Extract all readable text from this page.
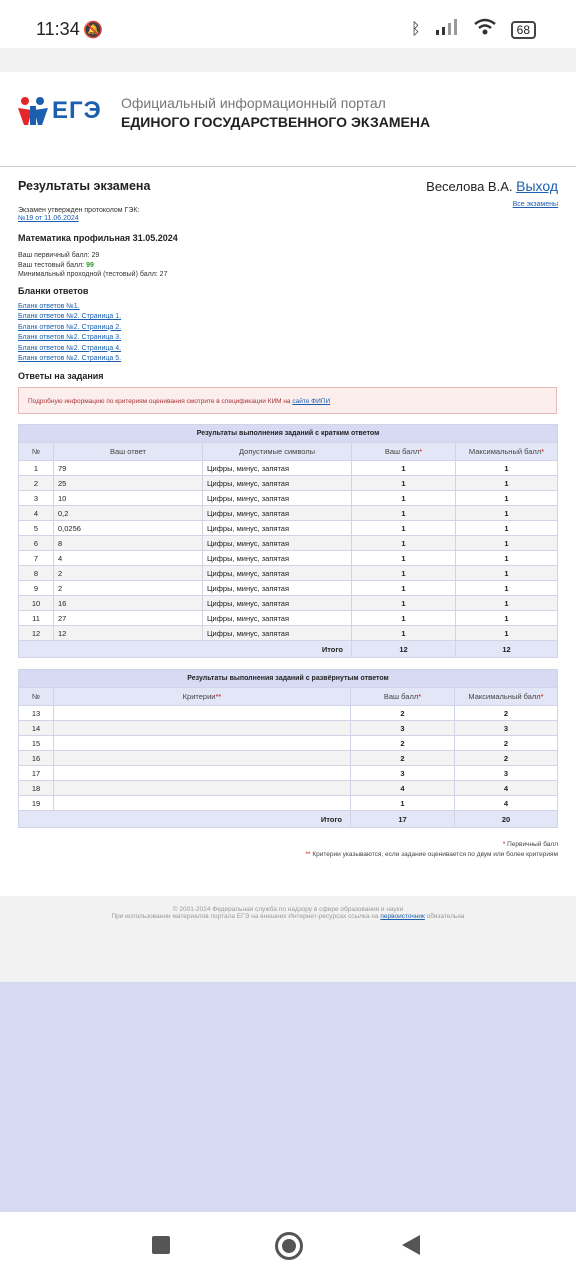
11:34 🔕	ᛒ	68
ЕГЭ Официальный информационный портал
ЕДИНОГО ГОСУДАРСТВЕННОГО ЭКЗАМЕНА
Результаты экзамена	Веселова В.А. Выход
Все экзамены
Экзамен утвержден протоколом ГЭК:
№19 от 11.06.2024
Математика профильная 31.05.2024
Ваш первичный балл: 29
Ваш тестовый балл: 99
Минимальный проходной (тестовый) балл: 27
Бланки ответов
Бланк ответов №1.
Бланк ответов №2. Страница 1.
Бланк ответов №2. Страница 2.
Бланк ответов №2. Страница 3.
Бланк ответов №2. Страница 4.
Бланк ответов №2. Страница 5.
Ответы на задания
Подробную информацию по критериям оценивания смотрите в спецификации КИМ на сайте ФИПИ
Результаты выполнения заданий с кратким ответом				
№	Ваш ответ	Допустимые символы	Ваш балл*	Максимальный балл*
1	79	Цифры, минус, запятая	1	1
2	25	Цифры, минус, запятая	1	1
3	10	Цифры, минус, запятая	1	1
4	0,2	Цифры, минус, запятая	1	1
5	0,0256	Цифры, минус, запятая	1	1
6	8	Цифры, минус, запятая	1	1
7	4	Цифры, минус, запятая	1	1
8	2	Цифры, минус, запятая	1	1
9	2	Цифры, минус, запятая	1	1
10	16	Цифры, минус, запятая	1	1
11	27	Цифры, минус, запятая	1	1
12	12	Цифры, минус, запятая	1	1
Итого			12	12
Результаты выполнения заданий с развёрнутым ответом			
№	Критерии**	Ваш балл*	Максимальный балл*
13		2	2
14		3	3
15		2	2
16		2	2
17		3	3
18		4	4
19		1	4
Итого		17	20
* Первичный балл
** Критерии указываются, если задание оценивается по двум или более критериям
© 2001-2024 Федеральная служба по надзору в сфере образования и науки
При использовании материалов портала ЕГЭ на внешних Интернет-ресурсах ссылка на первоисточник обязательна
